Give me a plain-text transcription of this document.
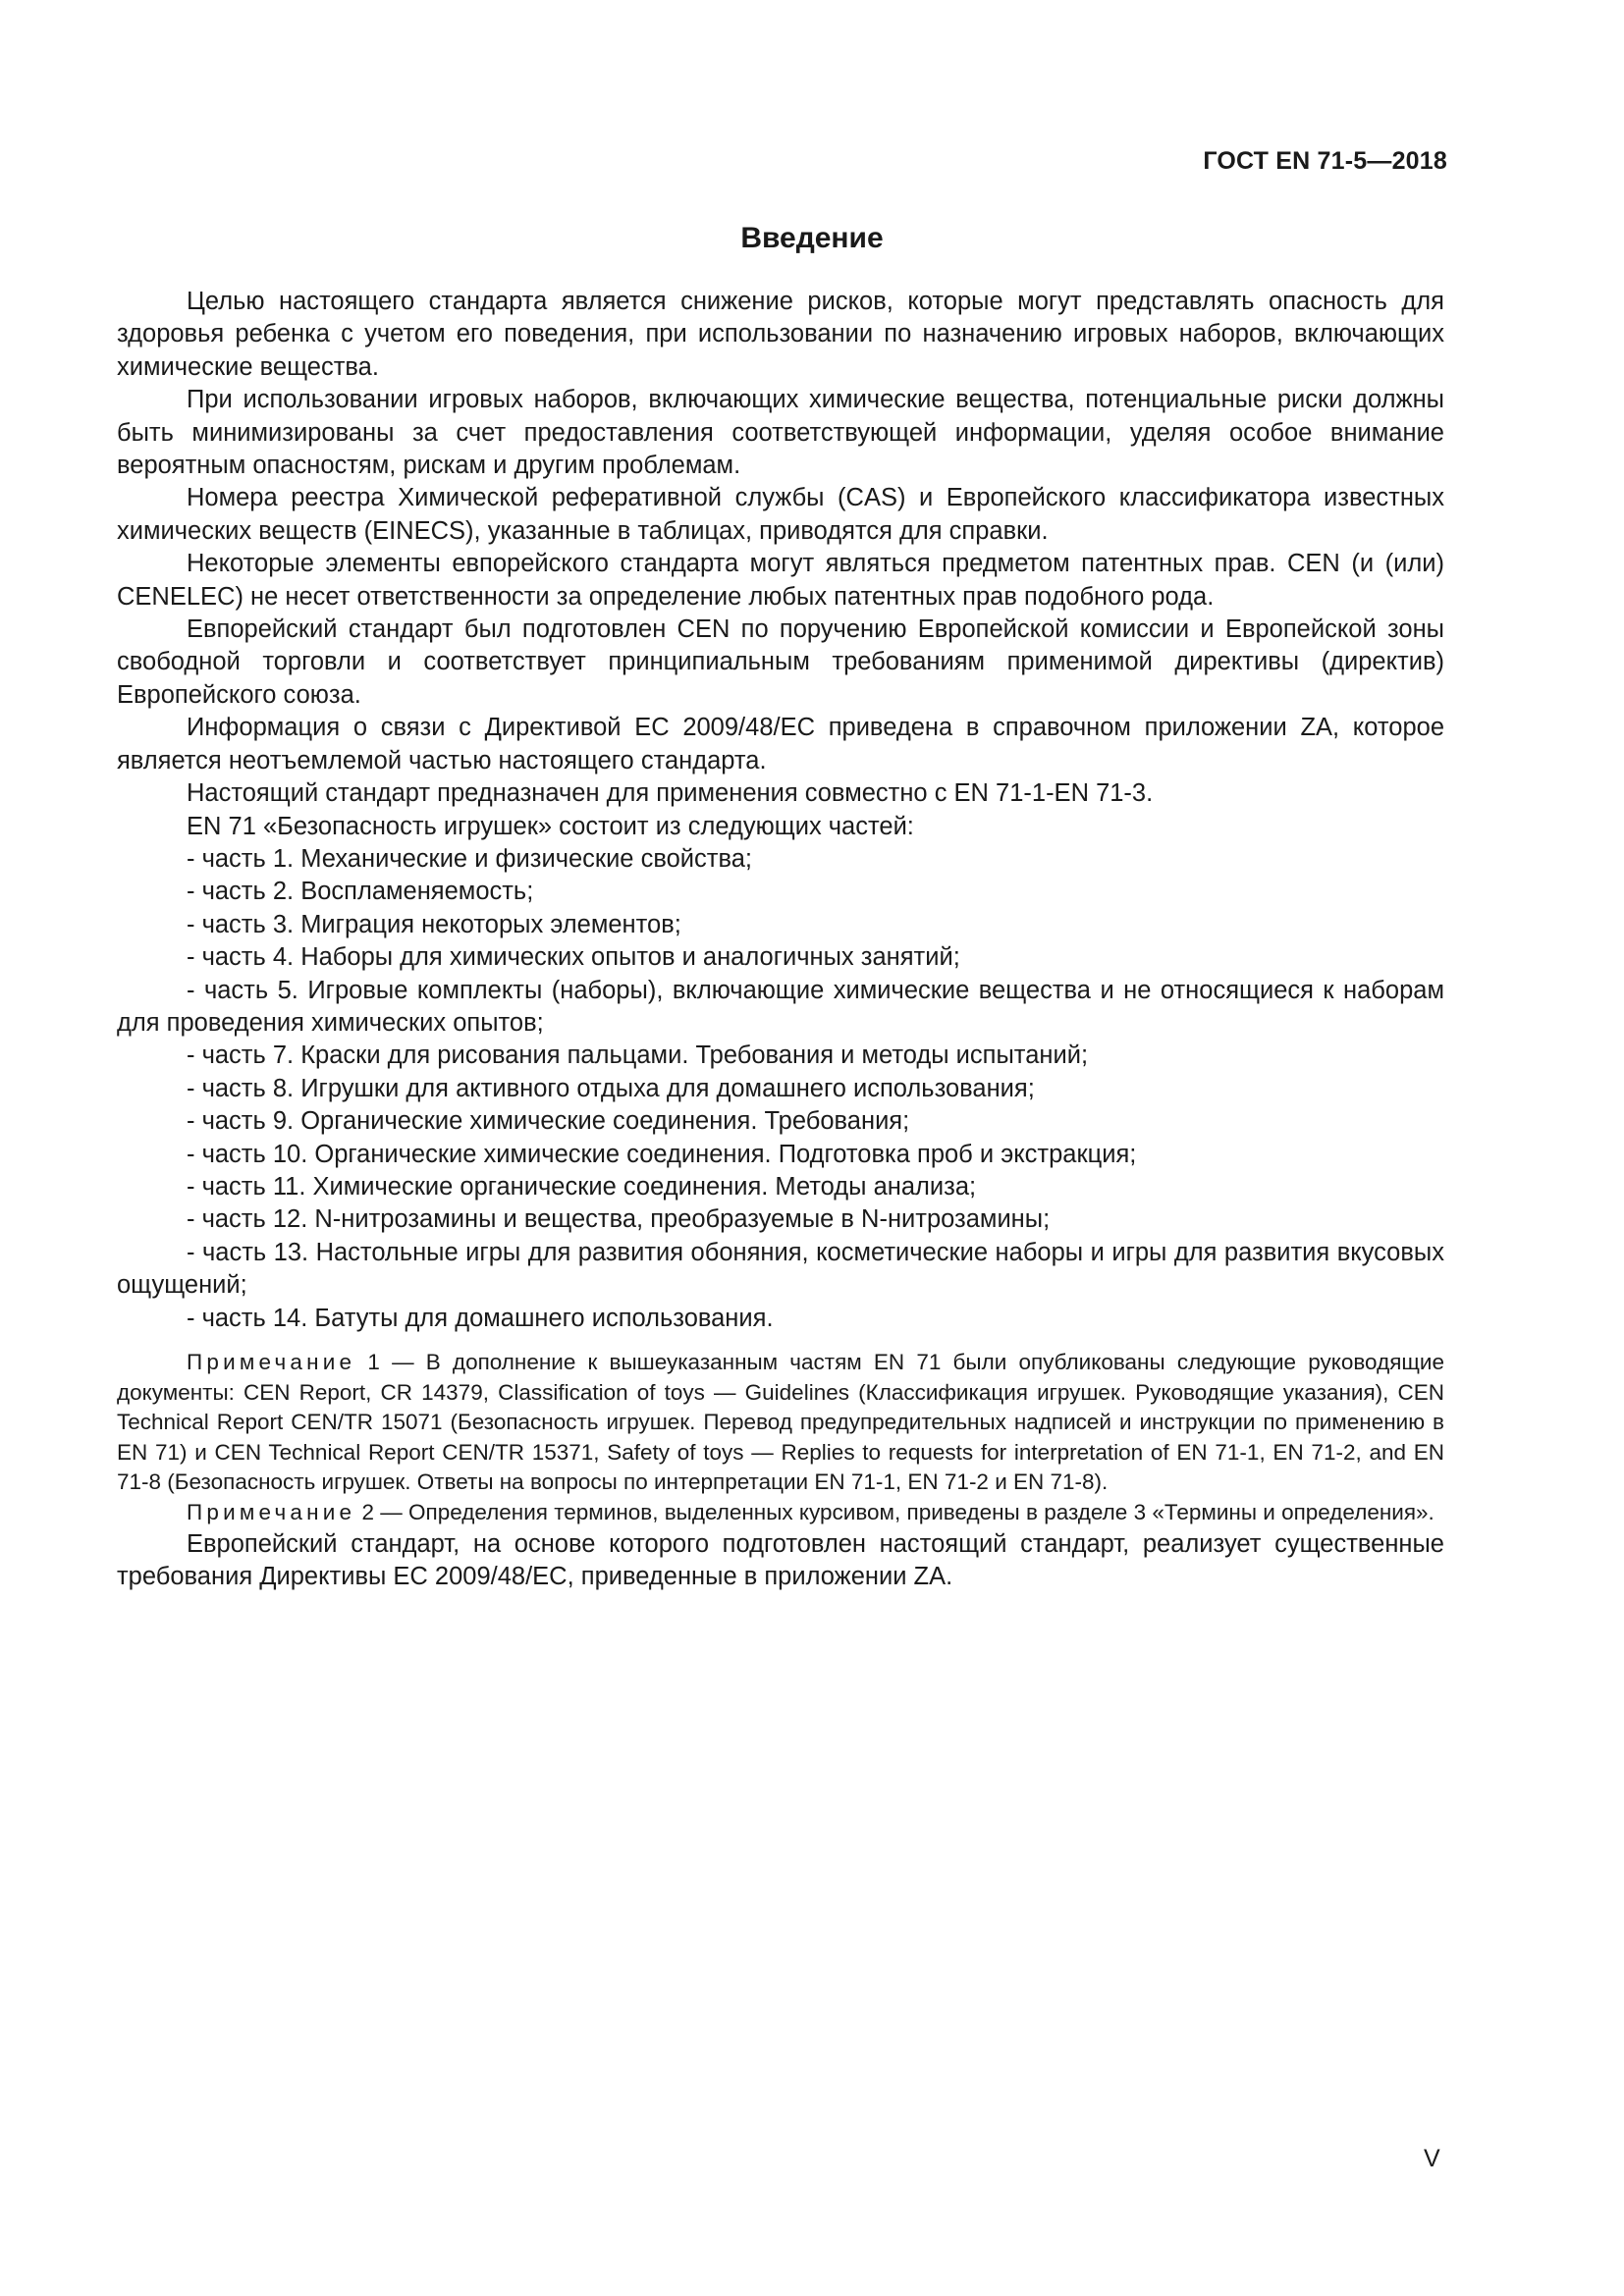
ГОСТ EN 71-5—2018
Введение

Целью настоящего стандарта является снижение рисков, которые могут представлять опасность для здоровья ребенка с учетом его поведения, при использовании по назначению игровых наборов, включающих химические вещества.

При использовании игровых наборов, включающих химические вещества, потенциальные риски должны быть минимизированы за счет предоставления соответствующей информации, уделяя особое внимание вероятным опасностям, рискам и другим проблемам.

Номера реестра Химической реферативной службы (CAS) и Европейского классификатора известных химических веществ (EINECS), указанные в таблицах, приводятся для справки.

Некоторые элементы евпорейского стандарта могут являться предметом патентных прав. CEN (и (или) CENELEC) не несет ответственности за определение любых патентных прав подобного рода.

Евпорейский стандарт был подготовлен CEN по поручению Европейской комиссии и Европейской зоны свободной торговли и соответствует принципиальным требованиям применимой директивы (директив) Европейского союза.

Информация о связи с Директивой ЕС 2009/48/ЕС приведена в справочном приложении ZA, которое является неотъемлемой частью настоящего стандарта.

Настоящий стандарт предназначен для применения совместно с EN 71-1-EN 71-3.

EN 71 «Безопасность игрушек» состоит из следующих частей:

- часть 1. Механические и физические свойства;

- часть 2. Воспламеняемость;

- часть 3. Миграция некоторых элементов;

- часть 4. Наборы для химических опытов и аналогичных занятий;

- часть 5. Игровые комплекты (наборы), включающие химические вещества и не относящиеся к наборам для проведения химических опытов;

- часть 7. Краски для рисования пальцами. Требования и методы испытаний;

- часть 8. Игрушки для активного отдыха для домашнего использования;

- часть 9. Органические химические соединения. Требования;

- часть 10. Органические химические соединения. Подготовка проб и экстракция;

- часть 11. Химические органические соединения. Методы анализа;

- часть 12. N-нитрозамины и вещества, преобразуемые в N-нитрозамины;

- часть 13. Настольные игры для развития обоняния, косметические наборы и игры для развития вкусовых ощущений;

- часть 14. Батуты для домашнего использования.

Примечание 1 — В дополнение к вышеуказанным частям EN 71 были опубликованы следующие руководящие документы: CEN Report, CR 14379, Classification of toys — Guidelines (Классификация игрушек. Руководящие указания), CEN Technical Report CEN/TR 15071 (Безопасность игрушек. Перевод предупредительных надписей и инструкции по применению в EN 71) и CEN Technical Report CEN/TR 15371, Safety of toys — Replies to requests for interpretation of EN 71-1, EN 71-2, and EN 71-8 (Безопасность игрушек. Ответы на вопросы по интерпретации EN 71-1, EN 71-2 и EN 71-8).

Примечание 2 — Определения терминов, выделенных курсивом, приведены в разделе 3 «Термины и определения».

Европейский стандарт, на основе которого подготовлен настоящий стандарт, реализует существенные требования Директивы ЕС 2009/48/ЕС, приведенные в приложении ZA.

V
